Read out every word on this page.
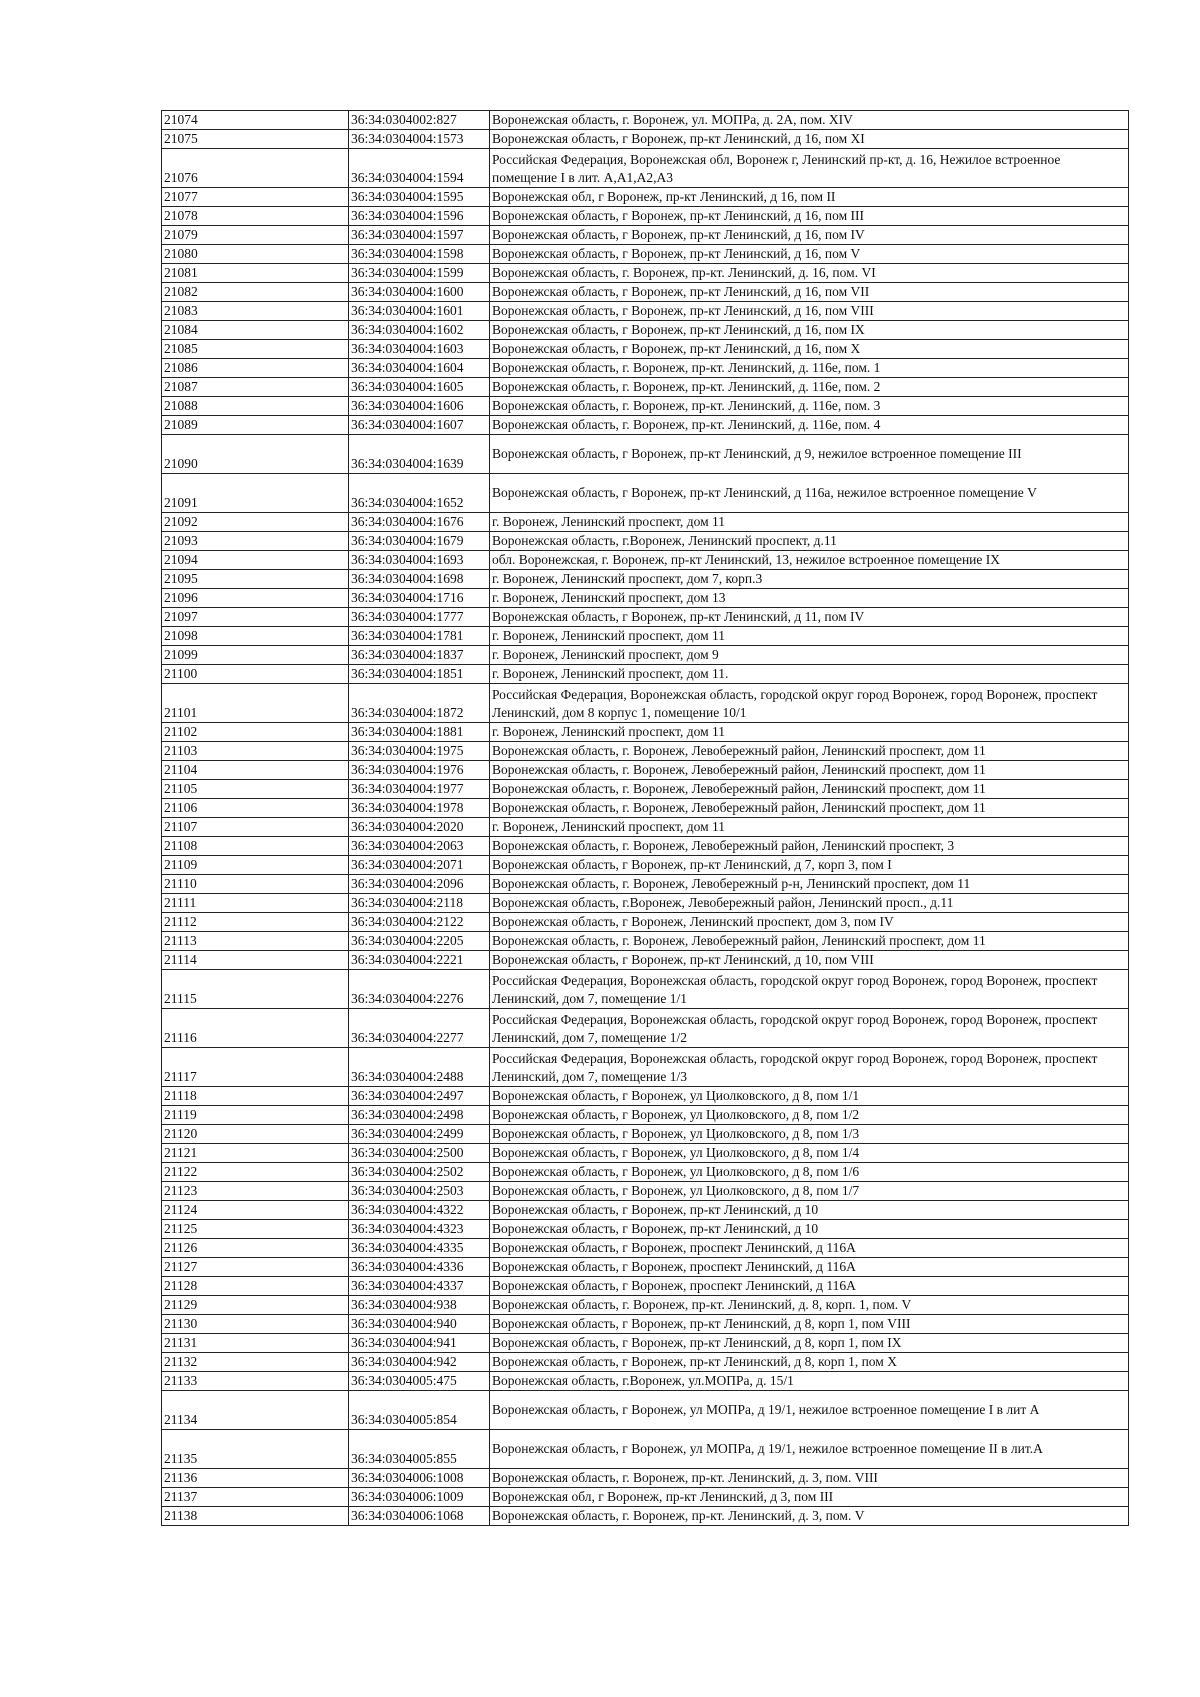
21074	36:34:0304002:827	Воронежская область, г. Воронеж, ул. МОПРа, д. 2А, пом. XIV
21075	36:34:0304004:1573	Воронежская область, г Воронеж, пр-кт Ленинский, д 16, пом XI
21076	36:34:0304004:1594	Российская Федерация, Воронежская обл, Воронеж г, Ленинский пр-кт, д. 16, Нежилое встроенное помещение I в лит. А,А1,А2,А3
21077	36:34:0304004:1595	Воронежская обл, г Воронеж, пр-кт Ленинский, д 16, пом II
21078	36:34:0304004:1596	Воронежская область, г Воронеж, пр-кт Ленинский, д 16, пом III
21079	36:34:0304004:1597	Воронежская область, г Воронеж, пр-кт Ленинский, д 16, пом IV
21080	36:34:0304004:1598	Воронежская область, г Воронеж, пр-кт Ленинский, д 16, пом V
21081	36:34:0304004:1599	Воронежская область, г. Воронеж, пр-кт. Ленинский, д. 16, пом. VI
21082	36:34:0304004:1600	Воронежская область, г Воронеж, пр-кт Ленинский, д 16, пом VII
21083	36:34:0304004:1601	Воронежская область, г Воронеж, пр-кт Ленинский, д 16, пом VIII
21084	36:34:0304004:1602	Воронежская область, г Воронеж, пр-кт Ленинский, д 16, пом IX
21085	36:34:0304004:1603	Воронежская область, г Воронеж, пр-кт Ленинский, д 16, пом X
21086	36:34:0304004:1604	Воронежская область, г. Воронеж, пр-кт. Ленинский, д. 116е, пом. 1
21087	36:34:0304004:1605	Воронежская область, г. Воронеж, пр-кт. Ленинский, д. 116е, пом. 2
21088	36:34:0304004:1606	Воронежская область, г. Воронеж, пр-кт. Ленинский, д. 116е, пом. 3
21089	36:34:0304004:1607	Воронежская область, г. Воронеж, пр-кт. Ленинский, д. 116е, пом. 4
21090	36:34:0304004:1639	Воронежская область, г Воронеж, пр-кт Ленинский, д 9, нежилое встроенное помещение III
21091	36:34:0304004:1652	Воронежская область, г Воронеж, пр-кт Ленинский, д 116а, нежилое встроенное помещение V
21092	36:34:0304004:1676	г. Воронеж, Ленинский проспект, дом 11
21093	36:34:0304004:1679	Воронежская область, г.Воронеж, Ленинский проспект, д.11
21094	36:34:0304004:1693	обл. Воронежская, г. Воронеж, пр-кт Ленинский, 13, нежилое встроенное помещение IX
21095	36:34:0304004:1698	г. Воронеж, Ленинский проспект, дом 7, корп.3
21096	36:34:0304004:1716	г. Воронеж, Ленинский проспект, дом 13
21097	36:34:0304004:1777	Воронежская область, г Воронеж, пр-кт Ленинский, д 11, пом IV
21098	36:34:0304004:1781	г. Воронеж, Ленинский проспект, дом 11
21099	36:34:0304004:1837	г. Воронеж, Ленинский проспект, дом 9
21100	36:34:0304004:1851	г. Воронеж, Ленинский проспект, дом 11.
21101	36:34:0304004:1872	Российская Федерация, Воронежская область, городской округ город Воронеж, город Воронеж, проспект Ленинский, дом 8 корпус 1, помещение 10/1
21102	36:34:0304004:1881	г. Воронеж, Ленинский проспект, дом 11
21103	36:34:0304004:1975	Воронежская область, г. Воронеж, Левобережный район, Ленинский проспект, дом 11
21104	36:34:0304004:1976	Воронежская область, г. Воронеж, Левобережный район, Ленинский проспект, дом 11
21105	36:34:0304004:1977	Воронежская область, г. Воронеж, Левобережный район, Ленинский проспект, дом 11
21106	36:34:0304004:1978	Воронежская область, г. Воронеж, Левобережный район, Ленинский проспект, дом 11
21107	36:34:0304004:2020	г. Воронеж, Ленинский проспект, дом 11
21108	36:34:0304004:2063	Воронежская область, г. Воронеж, Левобережный район, Ленинский проспект, 3
21109	36:34:0304004:2071	Воронежская область, г Воронеж, пр-кт Ленинский, д 7, корп 3, пом I
21110	36:34:0304004:2096	Воронежская область, г. Воронеж, Левобережный р-н, Ленинский проспект, дом 11
21111	36:34:0304004:2118	Воронежская область, г.Воронеж, Левобережный район, Ленинский просп., д.11
21112	36:34:0304004:2122	Воронежская область, г Воронеж, Ленинский проспект, дом 3, пом IV
21113	36:34:0304004:2205	Воронежская область, г. Воронеж, Левобережный район, Ленинский проспект, дом 11
21114	36:34:0304004:2221	Воронежская область, г Воронеж, пр-кт Ленинский, д 10, пом VIII
21115	36:34:0304004:2276	Российская Федерация, Воронежская область, городской округ город Воронеж, город Воронеж, проспект Ленинский, дом 7, помещение 1/1
21116	36:34:0304004:2277	Российская Федерация, Воронежская область, городской округ город Воронеж, город Воронеж, проспект Ленинский, дом 7, помещение 1/2
21117	36:34:0304004:2488	Российская Федерация, Воронежская область, городской округ город Воронеж, город Воронеж, проспект Ленинский, дом 7, помещение 1/3
21118	36:34:0304004:2497	Воронежская область, г Воронеж, ул Циолковского, д 8, пом 1/1
21119	36:34:0304004:2498	Воронежская область, г Воронеж, ул Циолковского, д 8, пом 1/2
21120	36:34:0304004:2499	Воронежская область, г Воронеж, ул Циолковского, д 8, пом 1/3
21121	36:34:0304004:2500	Воронежская область, г Воронеж, ул Циолковского, д 8, пом 1/4
21122	36:34:0304004:2502	Воронежская область, г Воронеж, ул Циолковского, д 8, пом 1/6
21123	36:34:0304004:2503	Воронежская область, г Воронеж, ул Циолковского, д 8, пом 1/7
21124	36:34:0304004:4322	Воронежская область, г Воронеж, пр-кт Ленинский, д 10
21125	36:34:0304004:4323	Воронежская область, г Воронеж, пр-кт Ленинский, д 10
21126	36:34:0304004:4335	Воронежская область, г Воронеж, проспект Ленинский, д 116А
21127	36:34:0304004:4336	Воронежская область, г Воронеж, проспект Ленинский, д 116А
21128	36:34:0304004:4337	Воронежская область, г Воронеж, проспект Ленинский, д 116А
21129	36:34:0304004:938	Воронежская область, г. Воронеж, пр-кт. Ленинский, д. 8, корп. 1, пом. V
21130	36:34:0304004:940	Воронежская область, г Воронеж, пр-кт Ленинский, д 8, корп 1, пом VIII
21131	36:34:0304004:941	Воронежская область, г Воронеж, пр-кт Ленинский, д 8, корп 1, пом IX
21132	36:34:0304004:942	Воронежская область, г Воронеж, пр-кт Ленинский, д 8, корп 1, пом X
21133	36:34:0304005:475	Воронежская область, г.Воронеж, ул.МОПРа, д. 15/1
21134	36:34:0304005:854	Воронежская область, г Воронеж, ул МОПРа, д 19/1, нежилое встроенное помещение I в лит А
21135	36:34:0304005:855	Воронежская область, г Воронеж, ул МОПРа, д 19/1, нежилое встроенное помещение II в лит.А
21136	36:34:0304006:1008	Воронежская область, г. Воронеж, пр-кт. Ленинский, д. 3, пом. VIII
21137	36:34:0304006:1009	Воронежская обл, г Воронеж, пр-кт Ленинский, д 3, пом III
21138	36:34:0304006:1068	Воронежская область, г. Воронеж, пр-кт. Ленинский, д. 3, пом. V
